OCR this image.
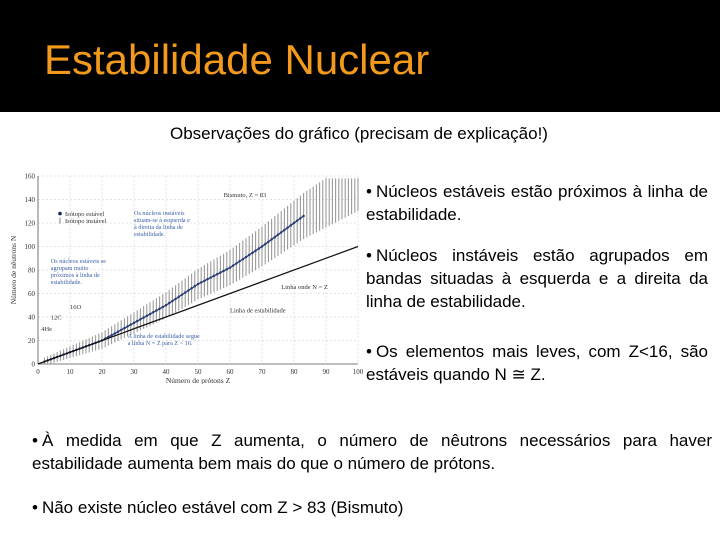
Estabilidade Nuclear
Observações do gráfico (precisam de explicação!)
0	10	20	30	40	50	60	70	80	90	100
0
20
40
60
80
100
120
140
160
Número de prótons Z
Número de nêutrons N
Isótopo estável
Isótopo instável
Bismuto, Z = 83
Os núcleos instáveis
situam-se à esquerda e
à direita da linha de
estabilidade.
Os núcleos estáveis se
agrupam muito
próximos à linha de
estabilidade.
Linha onde N = Z
Linha de estabilidade
A linha de estabilidade segue
a linha N = Z para Z < 16.
16O
12C
4He
• Núcleos estáveis estão próximos à linha de estabilidade.
• Núcleos instáveis estão agrupados em bandas situadas à esquerda e a direita da linha de estabilidade.
• Os elementos mais leves, com Z<16, são estáveis quando N ≅ Z.
• À medida em que Z aumenta, o número de nêutrons necessários para haver estabilidade aumenta bem mais do que o número de prótons.
• Não existe núcleo estável com Z > 83 (Bismuto)
